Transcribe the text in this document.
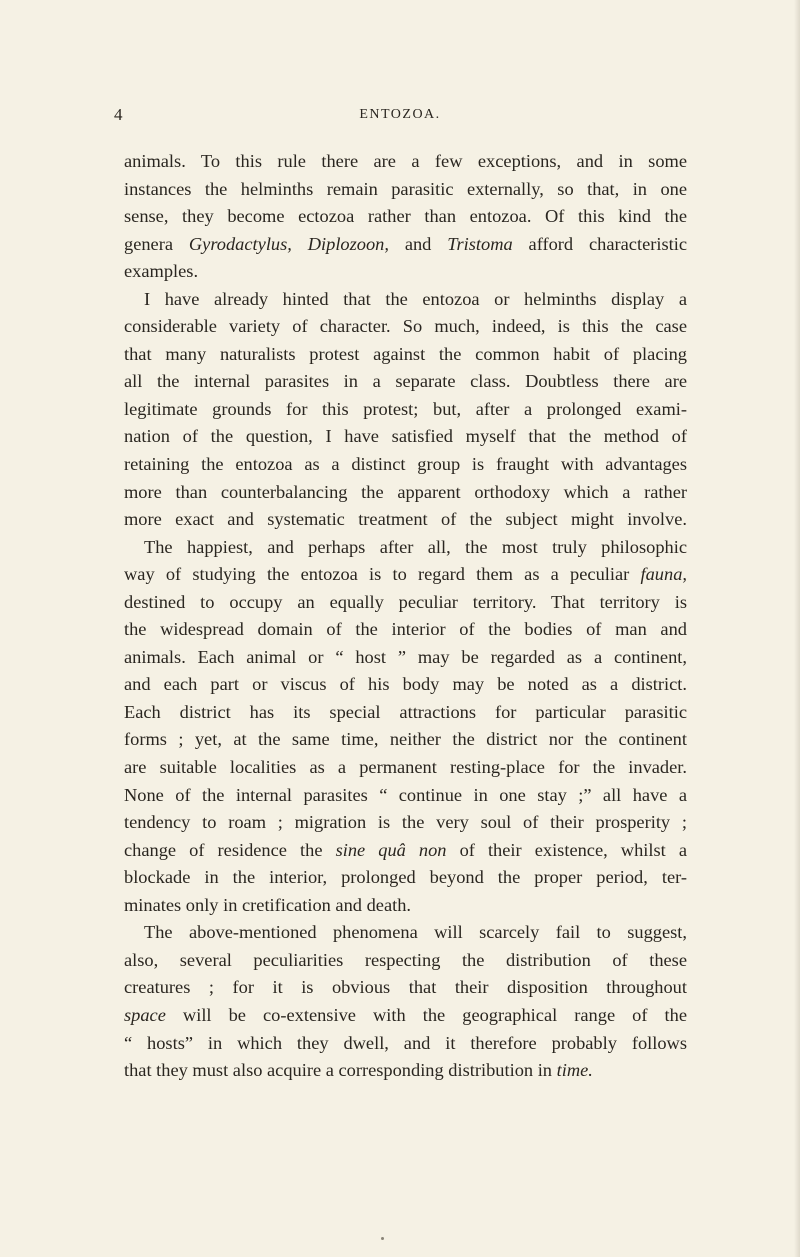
4	ENTOZOA.
animals. To this rule there are a few exceptions, and in some
instances the helminths remain parasitic externally, so that, in one
sense, they become ectozoa rather than entozoa. Of this kind the
genera Gyrodactylus, Diplozoon, and Tristoma afford characteristic
examples.
I have already hinted that the entozoa or helminths display a
considerable variety of character. So much, indeed, is this the case
that many naturalists protest against the common habit of placing
all the internal parasites in a separate class. Doubtless there are
legitimate grounds for this protest; but, after a prolonged exami-
nation of the question, I have satisfied myself that the method of
retaining the entozoa as a distinct group is fraught with advantages
more than counterbalancing the apparent orthodoxy which a rather
more exact and systematic treatment of the subject might involve.
The happiest, and perhaps after all, the most truly philosophic
way of studying the entozoa is to regard them as a peculiar fauna,
destined to occupy an equally peculiar territory. That territory is
the widespread domain of the interior of the bodies of man and
animals. Each animal or “ host ” may be regarded as a continent,
and each part or viscus of his body may be noted as a district.
Each district has its special attractions for particular parasitic
forms ; yet, at the same time, neither the district nor the continent
are suitable localities as a permanent resting-place for the invader.
None of the internal parasites “ continue in one stay ;” all have a
tendency to roam ; migration is the very soul of their prosperity ;
change of residence the sine quâ non of their existence, whilst a
blockade in the interior, prolonged beyond the proper period, ter-
minates only in cretification and death.
The above-mentioned phenomena will scarcely fail to suggest,
also, several peculiarities respecting the distribution of these
creatures ; for it is obvious that their disposition throughout
space will be co-extensive with the geographical range of the
“ hosts” in which they dwell, and it therefore probably follows
that they must also acquire a corresponding distribution in time.
